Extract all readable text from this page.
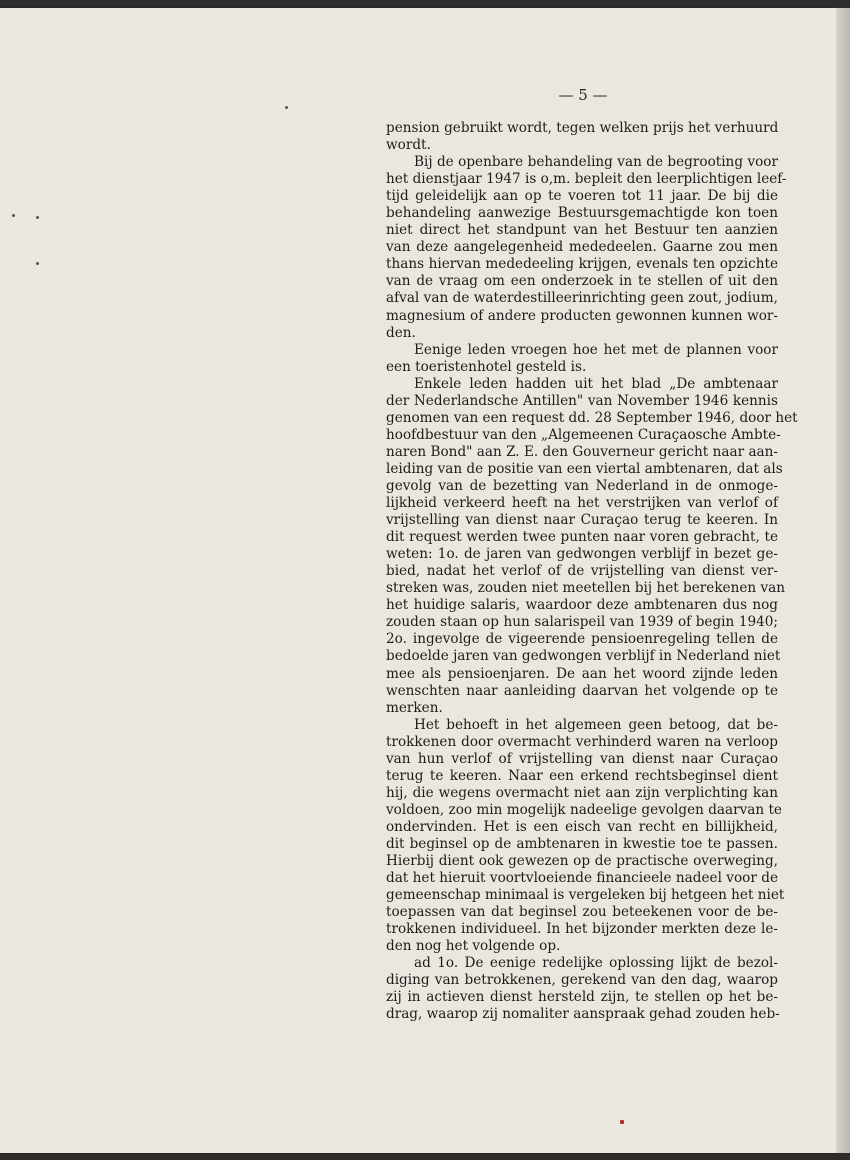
— 5 —

pension gebruikt wordt, tegen welken prijs het verhuurd
wordt.

Bij de openbare behandeling van de begrooting voor
het dienstjaar 1947 is o,m. bepleit den leerplichtigen leef-
tijd geleidelijk aan op te voeren tot 11 jaar. De bij die
behandeling aanwezige Bestuursgemachtigde kon toen
niet direct het standpunt van het Bestuur ten aanzien
van deze aangelegenheid mededeelen. Gaarne zou men
thans hiervan mededeeling krijgen, evenals ten opzichte
van de vraag om een onderzoek in te stellen of uit den
afval van de waterdestilleerinrichting geen zout, jodium,
magnesium of andere producten gewonnen kunnen wor-
den.

Eenige leden vroegen hoe het met de plannen voor
een toeristenhotel gesteld is.

Enkele leden hadden uit het blad „De ambtenaar
der Nederlandsche Antillen" van November 1946 kennis
genomen van een request dd. 28 September 1946, door het
hoofdbestuur van den „Algemeenen Curaçaosche Ambte-
naren Bond" aan Z. E. den Gouverneur gericht naar aan-
leiding van de positie van een viertal ambtenaren, dat als
gevolg van de bezetting van Nederland in de onmoge-
lijkheid verkeerd heeft na het verstrijken van verlof of
vrijstelling van dienst naar Curaçao terug te keeren. In
dit request werden twee punten naar voren gebracht, te
weten: 1o. de jaren van gedwongen verblijf in bezet ge-
bied, nadat het verlof of de vrijstelling van dienst ver-
streken was, zouden niet meetellen bij het berekenen van
het huidige salaris, waardoor deze ambtenaren dus nog
zouden staan op hun salarispeil van 1939 of begin 1940;
2o. ingevolge de vigeerende pensioenregeling tellen de
bedoelde jaren van gedwongen verblijf in Nederland niet
mee als pensioenjaren. De aan het woord zijnde leden
wenschten naar aanleiding daarvan het volgende op te
merken.

Het behoeft in het algemeen geen betoog, dat be-
trokkenen door overmacht verhinderd waren na verloop
van hun verlof of vrijstelling van dienst naar Curaçao
terug te keeren. Naar een erkend rechtsbeginsel dient
hij, die wegens overmacht niet aan zijn verplichting kan
voldoen, zoo min mogelijk nadeelige gevolgen daarvan te
ondervinden. Het is een eisch van recht en billijkheid,
dit beginsel op de ambtenaren in kwestie toe te passen.
Hierbij dient ook gewezen op de practische overweging,
dat het hieruit voortvloeiende financieele nadeel voor de
gemeenschap minimaal is vergeleken bij hetgeen het niet
toepassen van dat beginsel zou beteekenen voor de be-
trokkenen individueel. In het bijzonder merkten deze le-
den nog het volgende op.

ad 1o. De eenige redelijke oplossing lijkt de bezol-
diging van betrokkenen, gerekend van den dag, waarop
zij in actieven dienst hersteld zijn, te stellen op het be-
drag, waarop zij nomaliter aanspraak gehad zouden heb-
